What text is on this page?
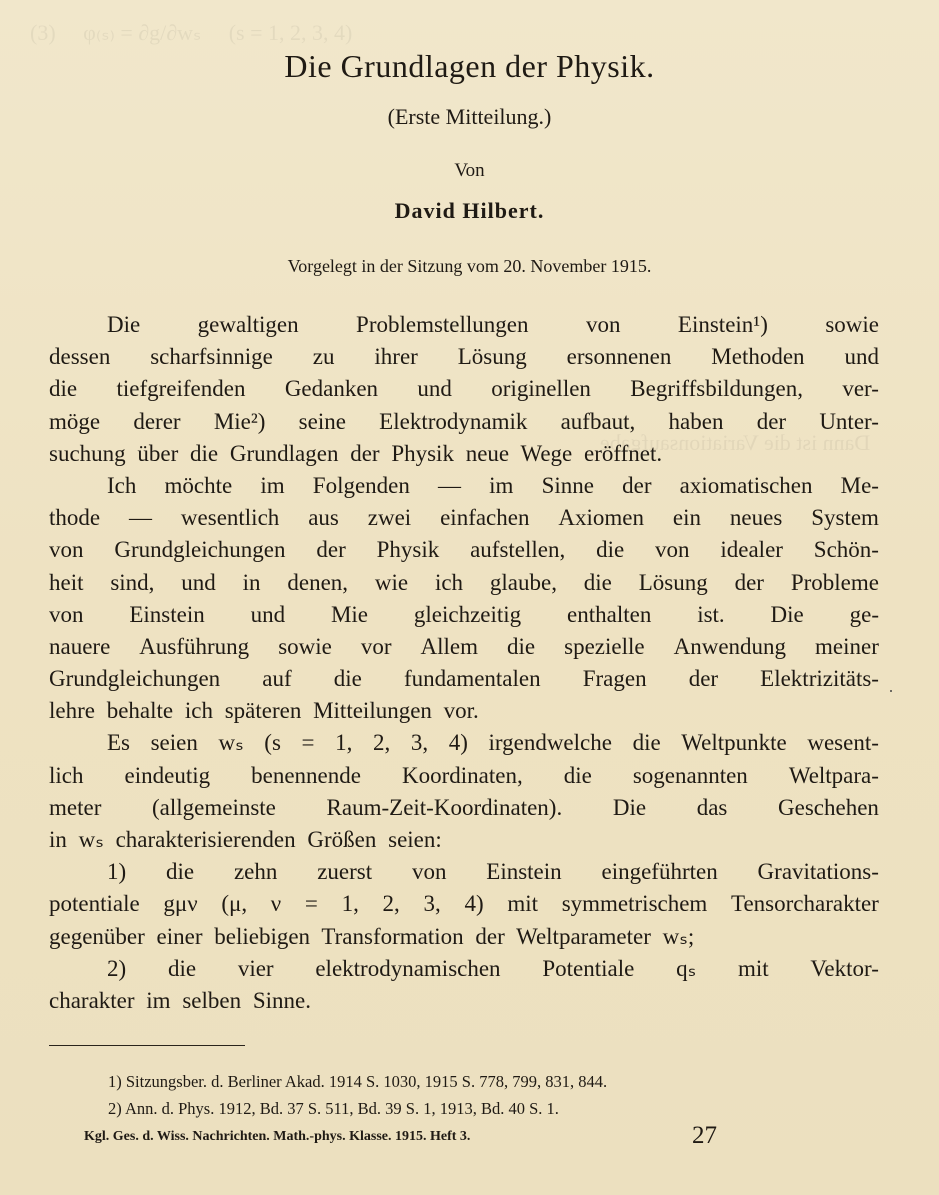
(3)     φ₍ₛ₎ = ∂g/∂wₛ     (s = 1, 2, 3, 4)
Dann ist die Variationsaufgabe
Die Grundlagen der Physik.
(Erste Mitteilung.)
Von
David Hilbert.
Vorgelegt in der Sitzung vom 20. November 1915.
Die gewaltigen Problemstellungen von Einstein¹) sowie
dessen scharfsinnige zu ihrer Lösung ersonnenen Methoden und
die tiefgreifenden Gedanken und originellen Begriffsbildungen, ver-
möge derer Mie²) seine Elektrodynamik aufbaut, haben der Unter-
suchung über die Grundlagen der Physik neue Wege eröffnet.
Ich möchte im Folgenden — im Sinne der axiomatischen Me-
thode — wesentlich aus zwei einfachen Axiomen ein neues System
von Grundgleichungen der Physik aufstellen, die von idealer Schön-
heit sind, und in denen, wie ich glaube, die Lösung der Probleme
von Einstein und Mie gleichzeitig enthalten ist. Die ge-
nauere Ausführung sowie vor Allem die spezielle Anwendung meiner
Grundgleichungen auf die fundamentalen Fragen der Elektrizitäts-
lehre behalte ich späteren Mitteilungen vor.
Es seien wₛ (s = 1, 2, 3, 4) irgendwelche die Weltpunkte wesent-
lich eindeutig benennende Koordinaten, die sogenannten Weltpara-
meter (allgemeinste Raum-Zeit-Koordinaten). Die das Geschehen
in wₛ charakterisierenden Größen seien:
1) die zehn zuerst von Einstein eingeführten Gravitations-
potentiale gμν (μ, ν = 1, 2, 3, 4) mit symmetrischem Tensorcharakter
gegenüber einer beliebigen Transformation der Weltparameter wₛ;
2) die vier elektrodynamischen Potentiale qₛ mit Vektor-
charakter im selben Sinne.
1) Sitzungsber. d. Berliner Akad. 1914 S. 1030, 1915 S. 778, 799, 831, 844.
2) Ann. d. Phys. 1912, Bd. 37 S. 511, Bd. 39 S. 1, 1913, Bd. 40 S. 1.
Kgl. Ges. d. Wiss. Nachrichten. Math.-phys. Klasse. 1915. Heft 3.	27
